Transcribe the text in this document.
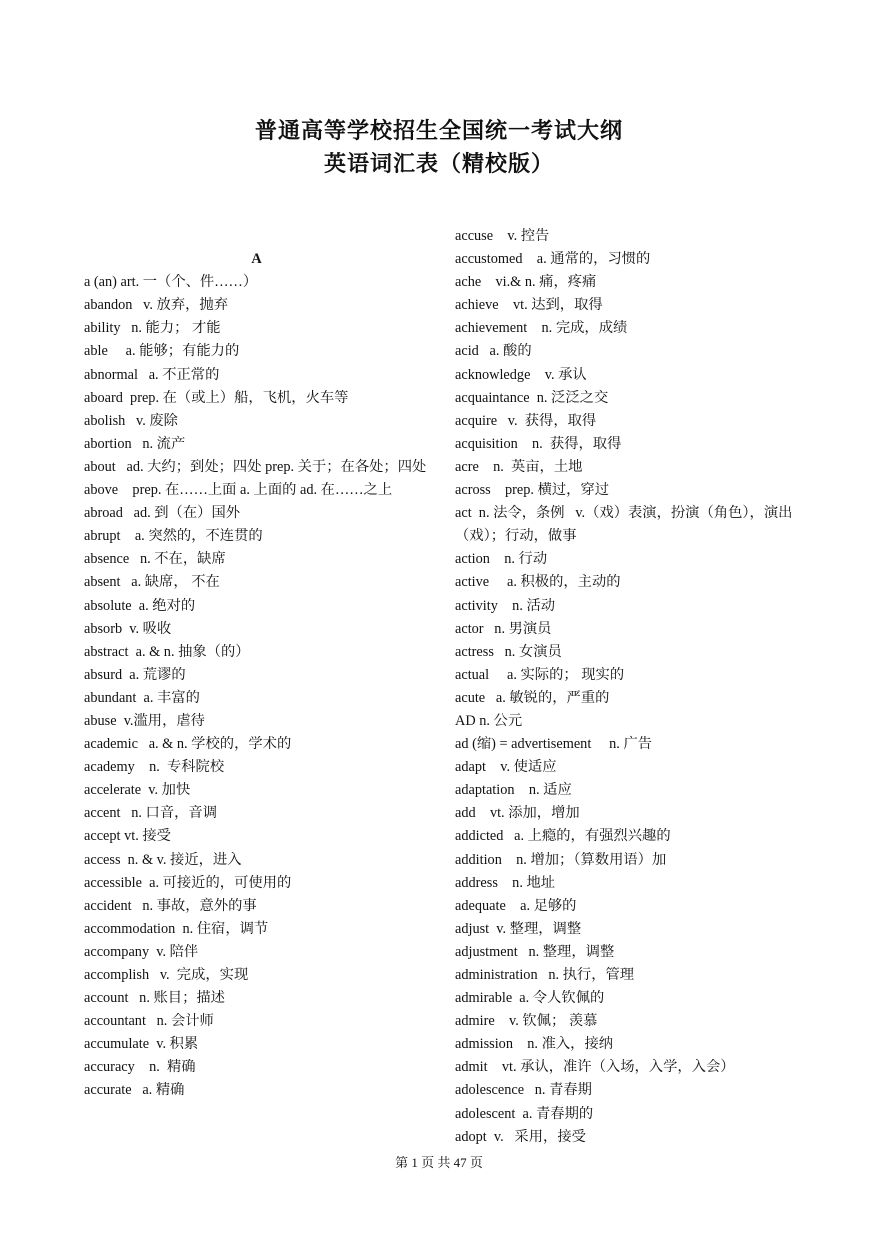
普通高等学校招生全国统一考试大纲
英语词汇表（精校版）

A
a (an) art. 一（个、件……）
abandon   v. 放弃，抛弃
ability   n. 能力； 才能
able     a. 能够；有能力的
abnormal   a. 不正常的
aboard  prep. 在（或上）船，飞机，火车等
abolish   v. 废除
abortion   n. 流产
about   ad. 大约；到处；四处 prep. 关于；在各处；四处
above    prep. 在……上面 a. 上面的 ad. 在……之上
abroad   ad. 到（在）国外
abrupt    a. 突然的，不连贯的
absence   n. 不在，缺席
absent   a. 缺席， 不在
absolute  a. 绝对的
absorb  v. 吸收
abstract  a. & n. 抽象（的）
absurd  a. 荒谬的
abundant  a. 丰富的
abuse  v.滥用，虐待
academic   a. & n. 学校的，学术的
academy    n.  专科院校
accelerate  v. 加快
accent   n. 口音，音调
accept vt. 接受
access  n. & v. 接近，进入
accessible  a. 可接近的，可使用的
accident   n. 事故，意外的事
accommodation  n. 住宿，调节
accompany  v. 陪伴
accomplish   v.  完成，实现
account   n. 账目；描述
accountant   n. 会计师
accumulate  v. 积累
accuracy    n.  精确
accurate   a. 精确
accuse    v. 控告
accustomed    a. 通常的，习惯的
ache    vi.& n. 痛，疼痛
achieve    vt. 达到，取得
achievement    n. 完成，成绩
acid   a. 酸的
acknowledge    v. 承认
acquaintance  n. 泛泛之交
acquire   v.  获得，取得
acquisition    n.  获得，取得
acre    n.  英亩，土地
across    prep. 横过，穿过
act  n. 法令，条例   v.（戏）表演，扮演（角色），演出（戏）；行动，做事
action    n. 行动
active     a. 积极的，主动的
activity    n. 活动
actor   n. 男演员
actress   n. 女演员
actual     a. 实际的； 现实的
acute   a. 敏锐的，严重的
AD n. 公元
ad (缩) = advertisement     n. 广告
adapt    v. 使适应
adaptation    n. 适应
add    vt. 添加，增加
addicted   a. 上瘾的，有强烈兴趣的
addition    n. 增加；（算数用语）加
address    n. 地址
adequate    a. 足够的
adjust  v. 整理，调整
adjustment   n. 整理，调整
administration   n. 执行，管理
admirable  a. 令人钦佩的
admire    v. 钦佩； 羡慕
admission    n. 准入，接纳
admit    vt. 承认，准许（入场，入学，入会）
adolescence   n. 青春期
adolescent  a. 青春期的
adopt  v.   采用，接受
第 1 页 共 47 页
